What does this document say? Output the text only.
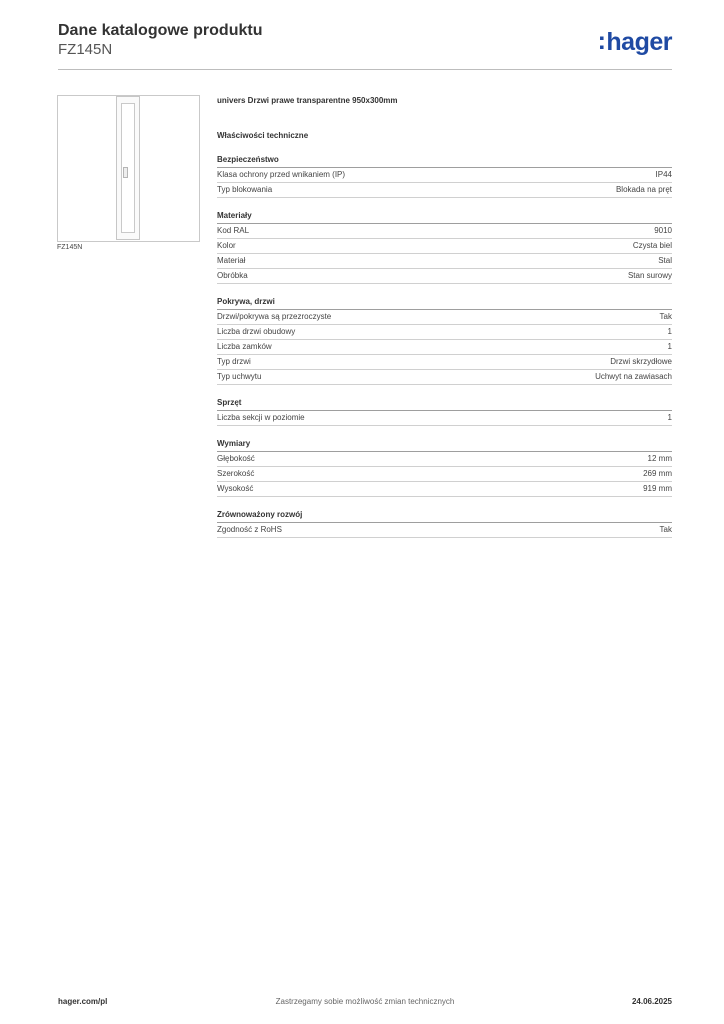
Dane katalogowe produktu
FZ145N	:hager
FZ145N
univers Drzwi prawe transparentne 950x300mm
Właściwości techniczne
Bezpieczeństwo
Klasa ochrony przed wnikaniem (IP)	IP44
Typ blokowania	Blokada na pręt
Materiały
Kod RAL	9010
Kolor	Czysta biel
Materiał	Stal
Obróbka	Stan surowy
Pokrywa, drzwi
Drzwi/pokrywa są przezroczyste	Tak
Liczba drzwi obudowy	1
Liczba zamków	1
Typ drzwi	Drzwi skrzydłowe
Typ uchwytu	Uchwyt na zawiasach
Sprzęt
Liczba sekcji w poziomie	1
Wymiary
Głębokość	12 mm
Szerokość	269 mm
Wysokość	919 mm
Zrównoważony rozwój
Zgodność z RoHS	Tak
Zastrzegamy sobie możliwość zmian technicznych
hager.com/pl	24.06.2025
